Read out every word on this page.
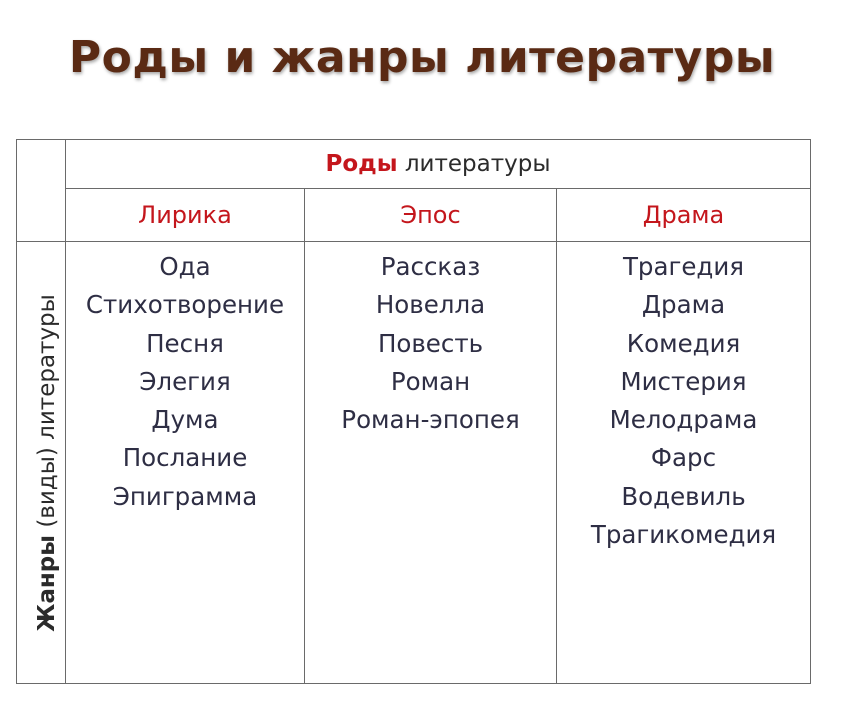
Роды и жанры литературы
Роды литературы
Лирика	Эпос	Драма
Жанры (виды) литературы
Ода
Стихотворение
Песня
Элегия
Дума
Послание
Эпиграмма
Рассказ
Новелла
Повесть
Роман
Роман-эпопея
Трагедия
Драма
Комедия
Мистерия
Мелодрама
Фарс
Водевиль
Трагикомедия
